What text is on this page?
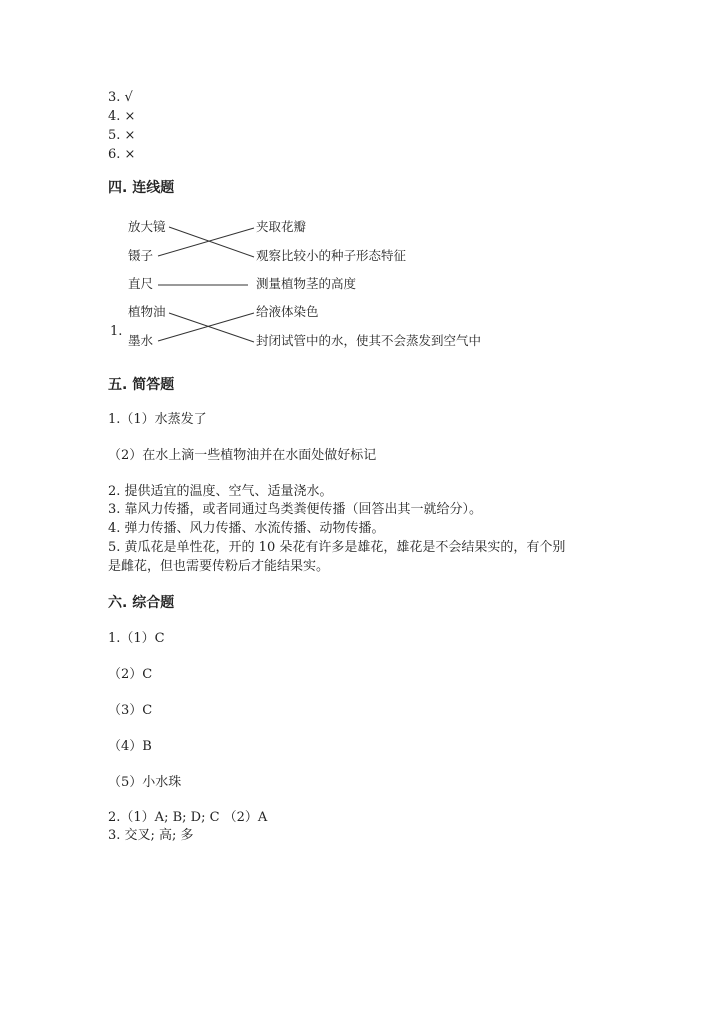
3. √
4. ×
5. ×
6. ×
四. 连线题
放大镜
镊子
直尺
植物油
墨水
夹取花瓣
观察比较小的种子形态特征
测量植物茎的高度
给液体染色
封闭试管中的水，使其不会蒸发到空气中
1.
五. 简答题
1.（1）水蒸发了
（2）在水上滴一些植物油并在水面处做好标记
2. 提供适宜的温度、空气、适量浇水。
3. 靠风力传播，或者同通过鸟类粪便传播（回答出其一就给分）。
4. 弹力传播、风力传播、水流传播、动物传播。
5. 黄瓜花是单性花，开的 10 朵花有许多是雄花，雄花是不会结果实的，有个别
是雌花，但也需要传粉后才能结果实。
六. 综合题
1.（1）C
（2）C
（3）C
（4）B
（5）小水珠
2.（1）A; B; D; C （2）A
3. 交叉; 高; 多
